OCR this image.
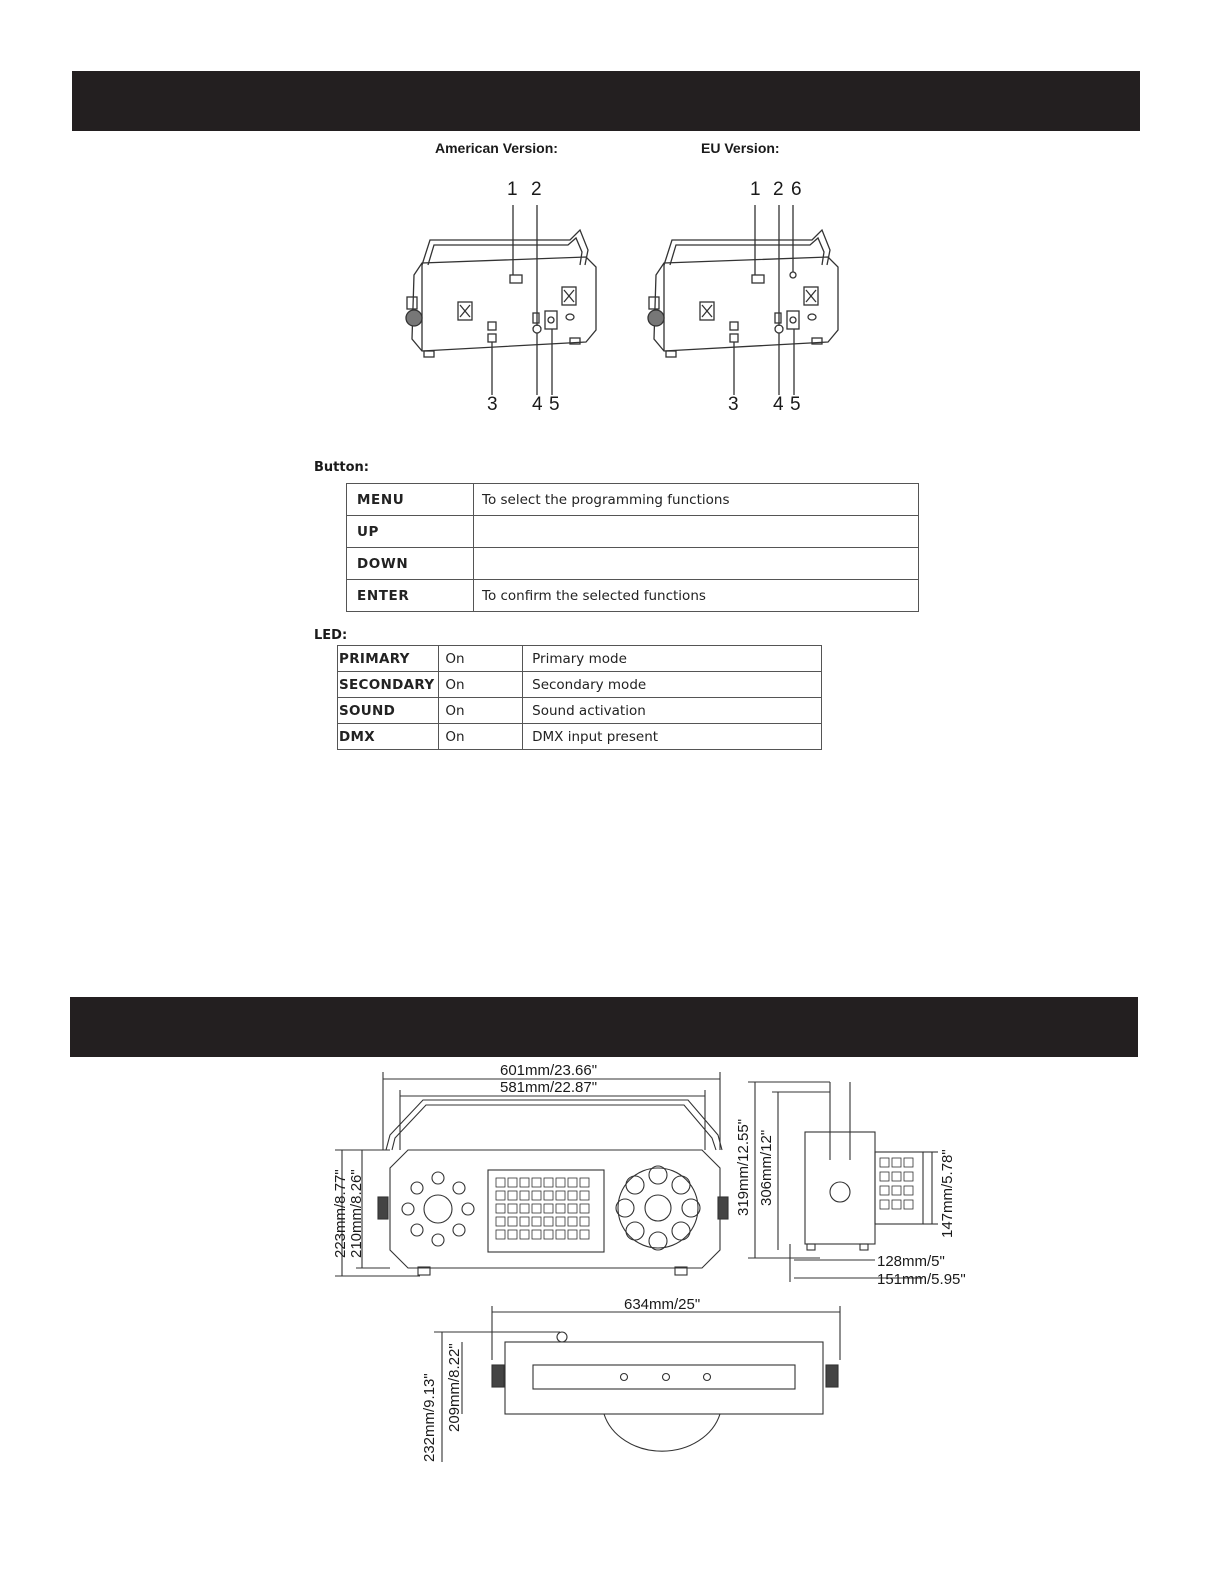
American Version:	EU Version:
1 2
3 4 5
1 2 6
3 4 5
Button:
MENU	To select the programming functions
UP	
DOWN	
ENTER	To confirm the selected functions
LED:
PRIMARY	On	Primary mode
SECONDARY	On	Secondary mode
SOUND	On	Sound activation
DMX	On	DMX input present
601mm/23.66"
581mm/22.87"
223mm/8.77" 210mm/8.26"	319mm/12.55" 306mm/12"	147mm/5.78"
128mm/5"
151mm/5.95"
634mm/25"
232mm/9.13" 209mm/8.22"
